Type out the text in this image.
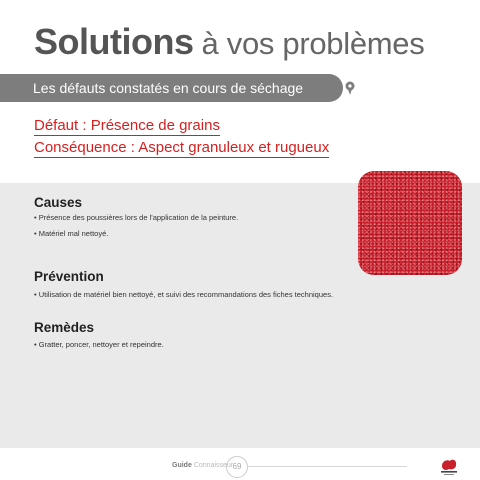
Solutions à vos problèmes
Les défauts constatés en cours de séchage
Défaut : Présence de grains
Conséquence : Aspect granuleux et rugueux
Causes

• Présence des poussières lors de l'application de la peinture.

• Matériel mal nettoyé.

Prévention

• Utilisation de matériel bien nettoyé, et suivi des recommandations des fiches techniques.

Remèdes

• Gratter, poncer, nettoyer et repeindre.

Guide Connaisseur 69
